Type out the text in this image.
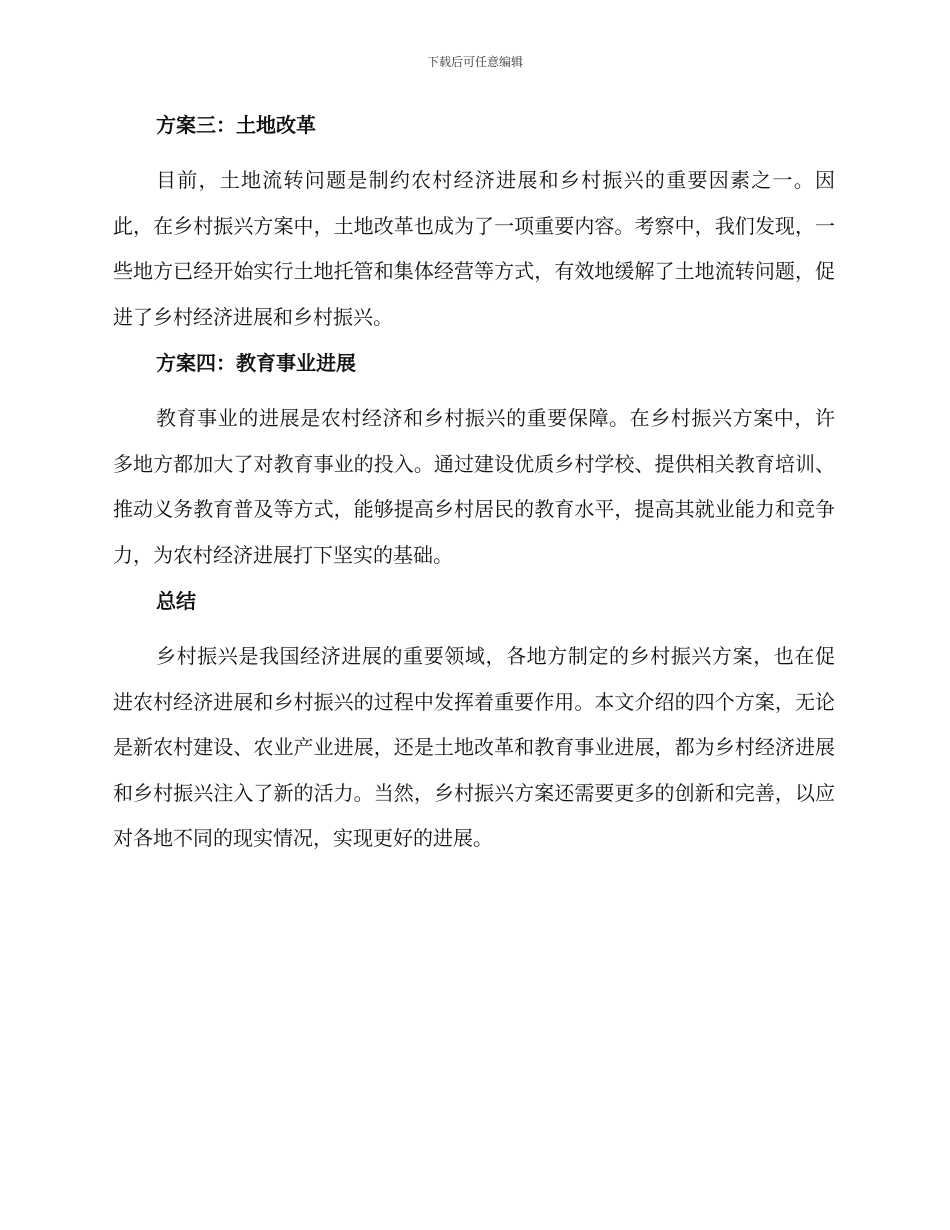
下载后可任意编辑
方案三：土地改革

目前，土地流转问题是制约农村经济进展和乡村振兴的重要因素之一。因此，在乡村振兴方案中，土地改革也成为了一项重要内容。考察中，我们发现，一些地方已经开始实行土地托管和集体经营等方式，有效地缓解了土地流转问题，促进了乡村经济进展和乡村振兴。

方案四：教育事业进展

教育事业的进展是农村经济和乡村振兴的重要保障。在乡村振兴方案中，许多地方都加大了对教育事业的投入。通过建设优质乡村学校、提供相关教育培训、推动义务教育普及等方式，能够提高乡村居民的教育水平，提高其就业能力和竞争力，为农村经济进展打下坚实的基础。

总结

乡村振兴是我国经济进展的重要领域，各地方制定的乡村振兴方案，也在促进农村经济进展和乡村振兴的过程中发挥着重要作用。本文介绍的四个方案，无论是新农村建设、农业产业进展，还是土地改革和教育事业进展，都为乡村经济进展和乡村振兴注入了新的活力。当然，乡村振兴方案还需要更多的创新和完善，以应对各地不同的现实情况，实现更好的进展。
